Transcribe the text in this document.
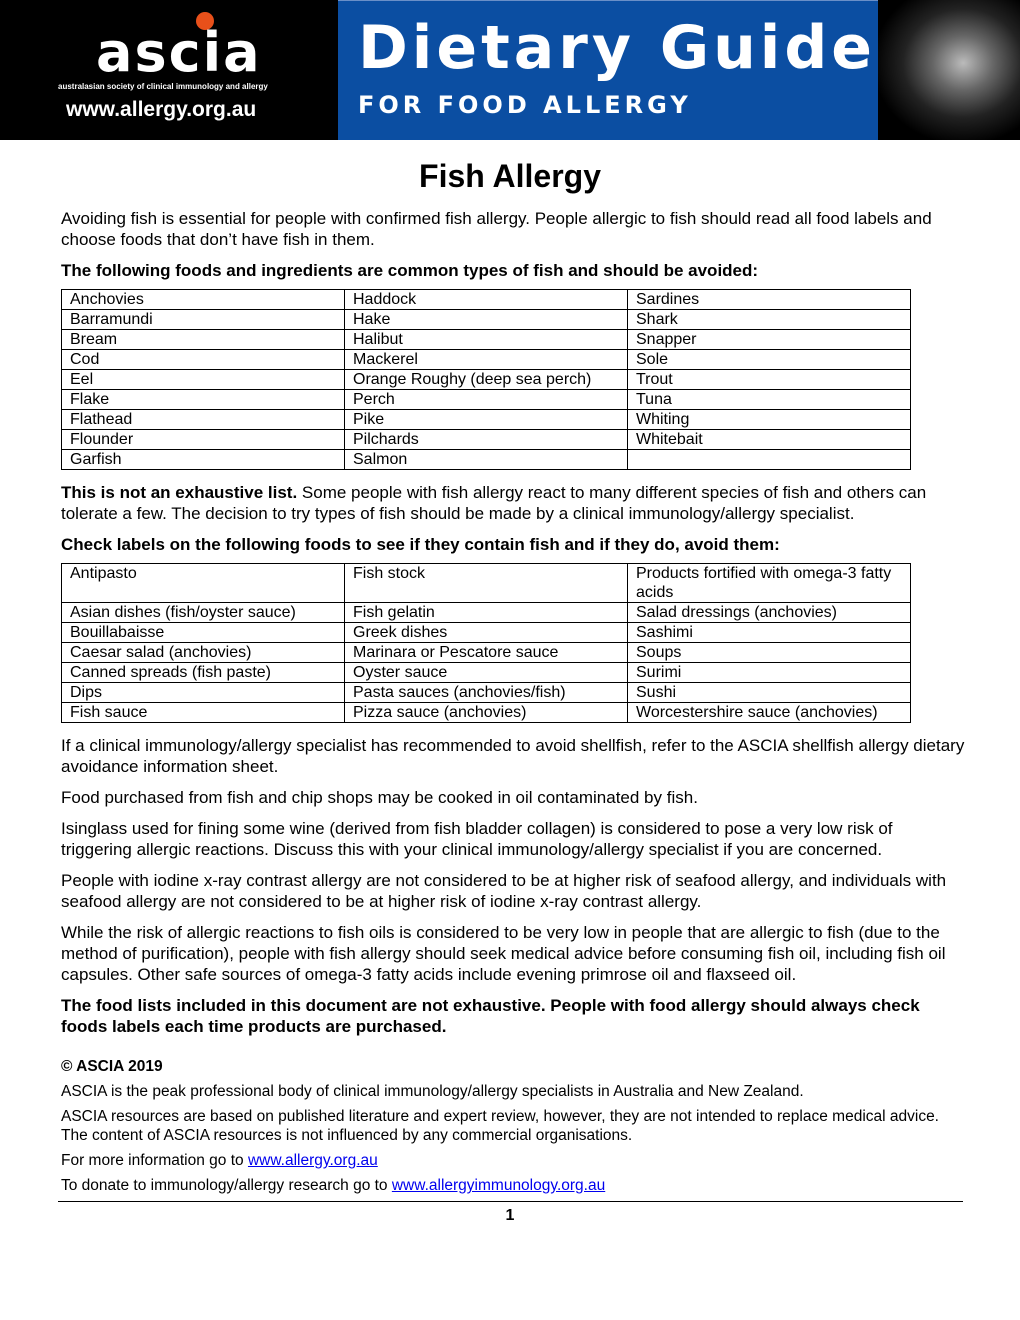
ascia
australasian society of clinical immunology and allergy
www.allergy.org.au
Dietary Guide
FOR FOOD ALLERGY
Fish Allergy
Avoiding fish is essential for people with confirmed fish allergy. People allergic to fish should read all food labels and choose foods that don’t have fish in them.
The following foods and ingredients are common types of fish and should be avoided:
Anchovies	Haddock	Sardines
Barramundi	Hake	Shark
Bream	Halibut	Snapper
Cod	Mackerel	Sole
Eel	Orange Roughy (deep sea perch)	Trout
Flake	Perch	Tuna
Flathead	Pike	Whiting
Flounder	Pilchards	Whitebait
Garfish	Salmon	
This is not an exhaustive list. Some people with fish allergy react to many different species of fish and others can tolerate a few. The decision to try types of fish should be made by a clinical immunology/allergy specialist.
Check labels on the following foods to see if they contain fish and if they do, avoid them:
Antipasto	Fish stock	Products fortified with omega-3 fatty acids
Asian dishes (fish/oyster sauce)	Fish gelatin	Salad dressings (anchovies)
Bouillabaisse	Greek dishes	Sashimi
Caesar salad (anchovies)	Marinara or Pescatore sauce	Soups
Canned spreads (fish paste)	Oyster sauce	Surimi
Dips	Pasta sauces (anchovies/fish)	Sushi
Fish sauce	Pizza sauce (anchovies)	Worcestershire sauce (anchovies)
If a clinical immunology/allergy specialist has recommended to avoid shellfish, refer to the ASCIA shellfish allergy dietary avoidance information sheet.
Food purchased from fish and chip shops may be cooked in oil contaminated by fish.
Isinglass used for fining some wine (derived from fish bladder collagen) is considered to pose a very low risk of triggering allergic reactions. Discuss this with your clinical immunology/allergy specialist if you are concerned.
People with iodine x-ray contrast allergy are not considered to be at higher risk of seafood allergy, and individuals with seafood allergy are not considered to be at higher risk of iodine x-ray contrast allergy.
While the risk of allergic reactions to fish oils is considered to be very low in people that are allergic to fish (due to the method of purification), people with fish allergy should seek medical advice before consuming fish oil, including fish oil capsules. Other safe sources of omega-3 fatty acids include evening primrose oil and flaxseed oil.
The food lists included in this document are not exhaustive. People with food allergy should always check foods labels each time products are purchased.
© ASCIA 2019
ASCIA is the peak professional body of clinical immunology/allergy specialists in Australia and New Zealand.
ASCIA resources are based on published literature and expert review, however, they are not intended to replace medical advice. The content of ASCIA resources is not influenced by any commercial organisations.
For more information go to www.allergy.org.au
To donate to immunology/allergy research go to www.allergyimmunology.org.au
1
